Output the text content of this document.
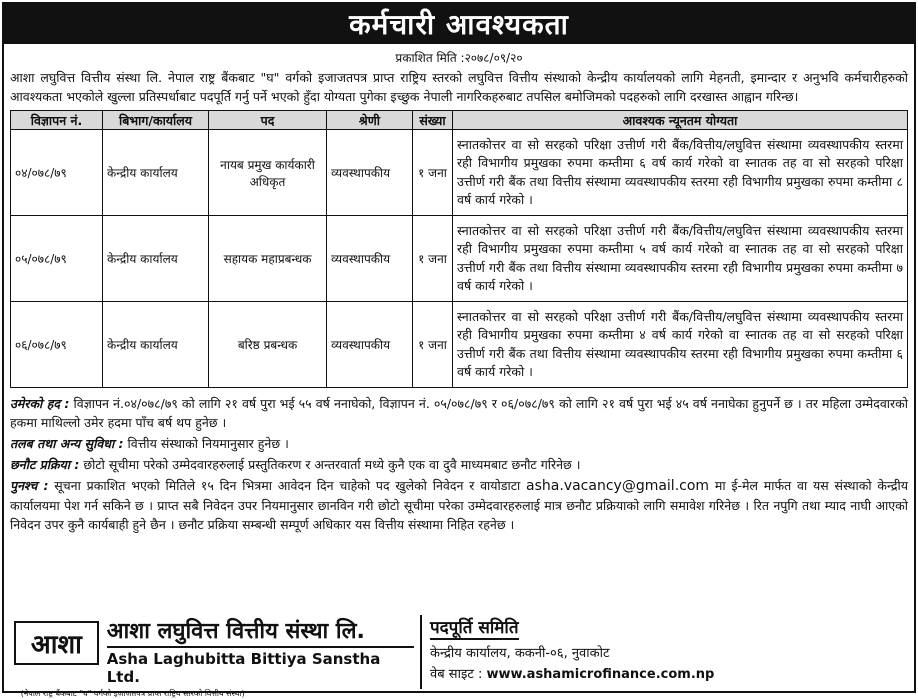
कर्मचारी आवश्यकता
प्रकाशित मिति :२०७८/०९/२०
आशा लघुवित्त वित्तीय संस्था लि. नेपाल राष्ट्र बैंकबाट "घ" वर्गको इजाजतपत्र प्राप्त राष्ट्रिय स्तरको लघुवित्त वित्तीय संस्थाको केन्द्रीय कार्यालयको लागि मेहनती, इमान्दार र अनुभवि कर्मचारीहरुको आवश्यकता भएकोले खुल्ला प्रतिस्पर्धाबाट पदपूर्ति गर्नु पर्ने भएको हुँदा योग्यता पुगेका इच्छुक नेपाली नागरिकहरुबाट तपसिल बमोजिमको पदहरुको लागि दरखास्त आह्वान गरिन्छ।
विज्ञापन नं.	बिभाग/कार्यालय	पद	श्रेणी	संख्या	आवश्यक न्यूनतम योग्यता
०४/०७८/७९	केन्द्रीय कार्यालय	नायब प्रमुख कार्यकारी अधिकृत	व्यवस्थापकीय	१ जना	स्नातकोत्तर वा सो सरहको परिक्षा उत्तीर्ण गरी बैंक/वित्तीय/लघुवित्त संस्थामा व्यवस्थापकीय स्तरमा रही विभागीय प्रमुखका रुपमा कम्तीमा ६ वर्ष कार्य गरेको वा स्नातक तह वा सो सरहको परिक्षा उत्तीर्ण गरी बैंक तथा वित्तीय संस्थामा व्यवस्थापकीय स्तरमा रही विभागीय प्रमुखका रुपमा कम्तीमा ८ वर्ष कार्य गरेको ।
०५/०७८/७९	केन्द्रीय कार्यालय	सहायक महाप्रबन्धक	व्यवस्थापकीय	१ जना	स्नातकोत्तर वा सो सरहको परिक्षा उत्तीर्ण गरी बैंक/वित्तीय/लघुवित्त संस्थामा व्यवस्थापकीय स्तरमा रही विभागीय प्रमुखका रुपमा कम्तीमा ५ वर्ष कार्य गरेको वा स्नातक तह वा सो सरहको परिक्षा उत्तीर्ण गरी बैंक तथा वित्तीय संस्थामा व्यवस्थापकीय स्तरमा रही विभागीय प्रमुखका रुपमा कम्तीमा ७ वर्ष कार्य गरेको ।
०६/०७८/७९	केन्द्रीय कार्यालय	बरिष्ठ प्रबन्धक	व्यवस्थापकीय	१ जना	स्नातकोत्तर वा सो सरहको परिक्षा उत्तीर्ण गरी बैंक/वित्तीय/लघुवित्त संस्थामा व्यवस्थापकीय स्तरमा रही विभागीय प्रमुखका रुपमा कम्तीमा ४ वर्ष कार्य गरेको वा स्नातक तह वा सो सरहको परिक्षा उत्तीर्ण गरी बैंक तथा वित्तीय संस्थामा व्यवस्थापकीय स्तरमा रही विभागीय प्रमुखका रुपमा कम्तीमा ६ वर्ष कार्य गरेको ।
उमेरको हद : विज्ञापन नं.०४/०७८/७९ को लागि २१ वर्ष पुरा भई ५५ वर्ष ननाघेको, विज्ञापन नं. ०५/०७८/७९ र ०६/०७८/७९ को लागि २१ वर्ष पुरा भई ४५ वर्ष ननाघेका हुनुपर्ने छ । तर महिला उम्मेदवारको हकमा माथिल्लो उमेर हदमा पाँच बर्ष थप हुनेछ ।
तलब तथा अन्य सुविधा : वित्तीय संस्थाको नियमानुसार हुनेछ ।
छनौट प्रक्रिया : छोटो सूचीमा परेको उम्मेदवारहरुलाई प्रस्तुतिकरण र अन्तरवार्ता मध्ये कुनै एक वा दुवै माध्यमबाट छनौट गरिनेछ ।
पुनश्च : सूचना प्रकाशित भएको मितिले १५ दिन भित्रमा आवेदन दिन चाहेको पद खुलेको निवेदन र वायोडाटा asha.vacancy@gmail.com मा ई-मेल मार्फत वा यस संस्थाको केन्द्रीय कार्यालयमा पेश गर्न सकिने छ । प्राप्त सबै निवेदन उपर नियमानुसार छानविन गरी छोटो सूचीमा परेका उम्मेदवारहरुलाई मात्र छनौट प्रक्रियाको लागि समावेश गरिनेछ । रित नपुगि तथा म्याद नाघी आएको निवेदन उपर कुनै कार्यबाही हुने छैन । छनौट प्रक्रिया सम्बन्धी सम्पूर्ण अधिकार यस वित्तीय संस्थामा निहित रहनेछ ।
आशा	आशा लघुवित्त वित्तीय संस्था लि.
Asha Laghubitta Bittiya Sanstha Ltd.
(नेपाल राष्ट्र बैंकबाट "घ" वर्गको इजाजतपत्र प्राप्त राष्ट्रिय स्तरको वित्तीय संस्था)
पदपूर्ति समिति
केन्द्रीय कार्यालय, ककनी-०६, नुवाकोट
वेब साइट : www.ashamicrofinance.com.np
